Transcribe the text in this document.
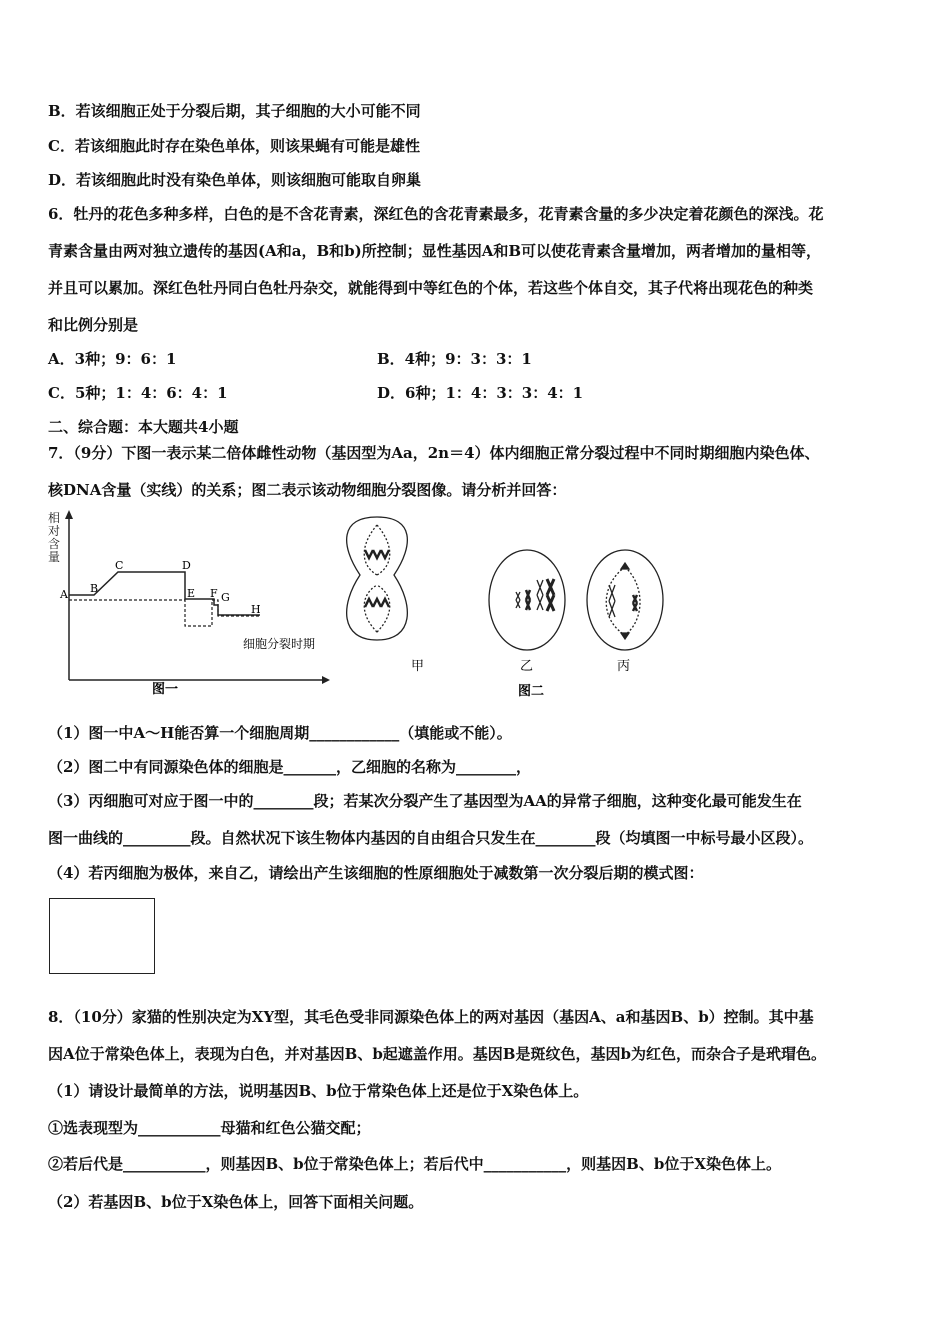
B．若该细胞正处于分裂后期，其子细胞的大小可能不同
C．若该细胞此时存在染色单体，则该果蝇有可能是雄性
D．若该细胞此时没有染色单体，则该细胞可能取自卵巢
6．牡丹的花色多种多样，白色的是不含花青素，深红色的含花青素最多，花青素含量的多少决定着花颜色的深浅。花
青素含量由两对独立遗传的基因(A和a，B和b)所控制；显性基因A和B可以使花青素含量增加，两者增加的量相等，
并且可以累加。深红色牡丹同白色牡丹杂交，就能得到中等红色的个体，若这些个体自交，其子代将出现花色的种类
和比例分别是
A．3种；9：6：1	B．4种；9：3：3：1
C．5种；1：4：6：4：1	D．6种；1：4：3：3：4：1
二、综合题：本大题共4小题
7．（9分）下图一表示某二倍体雌性动物（基因型为Aa，2n＝4）体内细胞正常分裂过程中不同时期细胞内染色体、
核DNA含量（实线）的关系；图二表示该动物细胞分裂图像。请分析并回答：
A B
C	D
E F G
H
细胞分裂时期
图一
甲	乙	丙
图二
相对含量
（1）图一中A～H能否算一个细胞周期____________（填能或不能）。
（2）图二中有同源染色体的细胞是_______，乙细胞的名称为________，
（3）丙细胞可对应于图一中的________段；若某次分裂产生了基因型为AA的异常子细胞，这种变化最可能发生在
图一曲线的_________段。自然状况下该生物体内基因的自由组合只发生在________段（均填图一中标号最小区段）。
（4）若丙细胞为极体，来自乙，请绘出产生该细胞的性原细胞处于减数第一次分裂后期的模式图：
8．（10分）家猫的性别决定为XY型，其毛色受非同源染色体上的两对基因（基因A、a和基因B、b）控制。其中基
因A位于常染色体上，表现为白色，并对基因B、b起遮盖作用。基因B是斑纹色，基因b为红色，而杂合子是玳瑁色。
（1）请设计最简单的方法，说明基因B、b位于常染色体上还是位于X染色体上。
①选表现型为___________母猫和红色公猫交配；
②若后代是___________，则基因B、b位于常染色体上；若后代中___________，则基因B、b位于X染色体上。
（2）若基因B、b位于X染色体上，回答下面相关问题。
